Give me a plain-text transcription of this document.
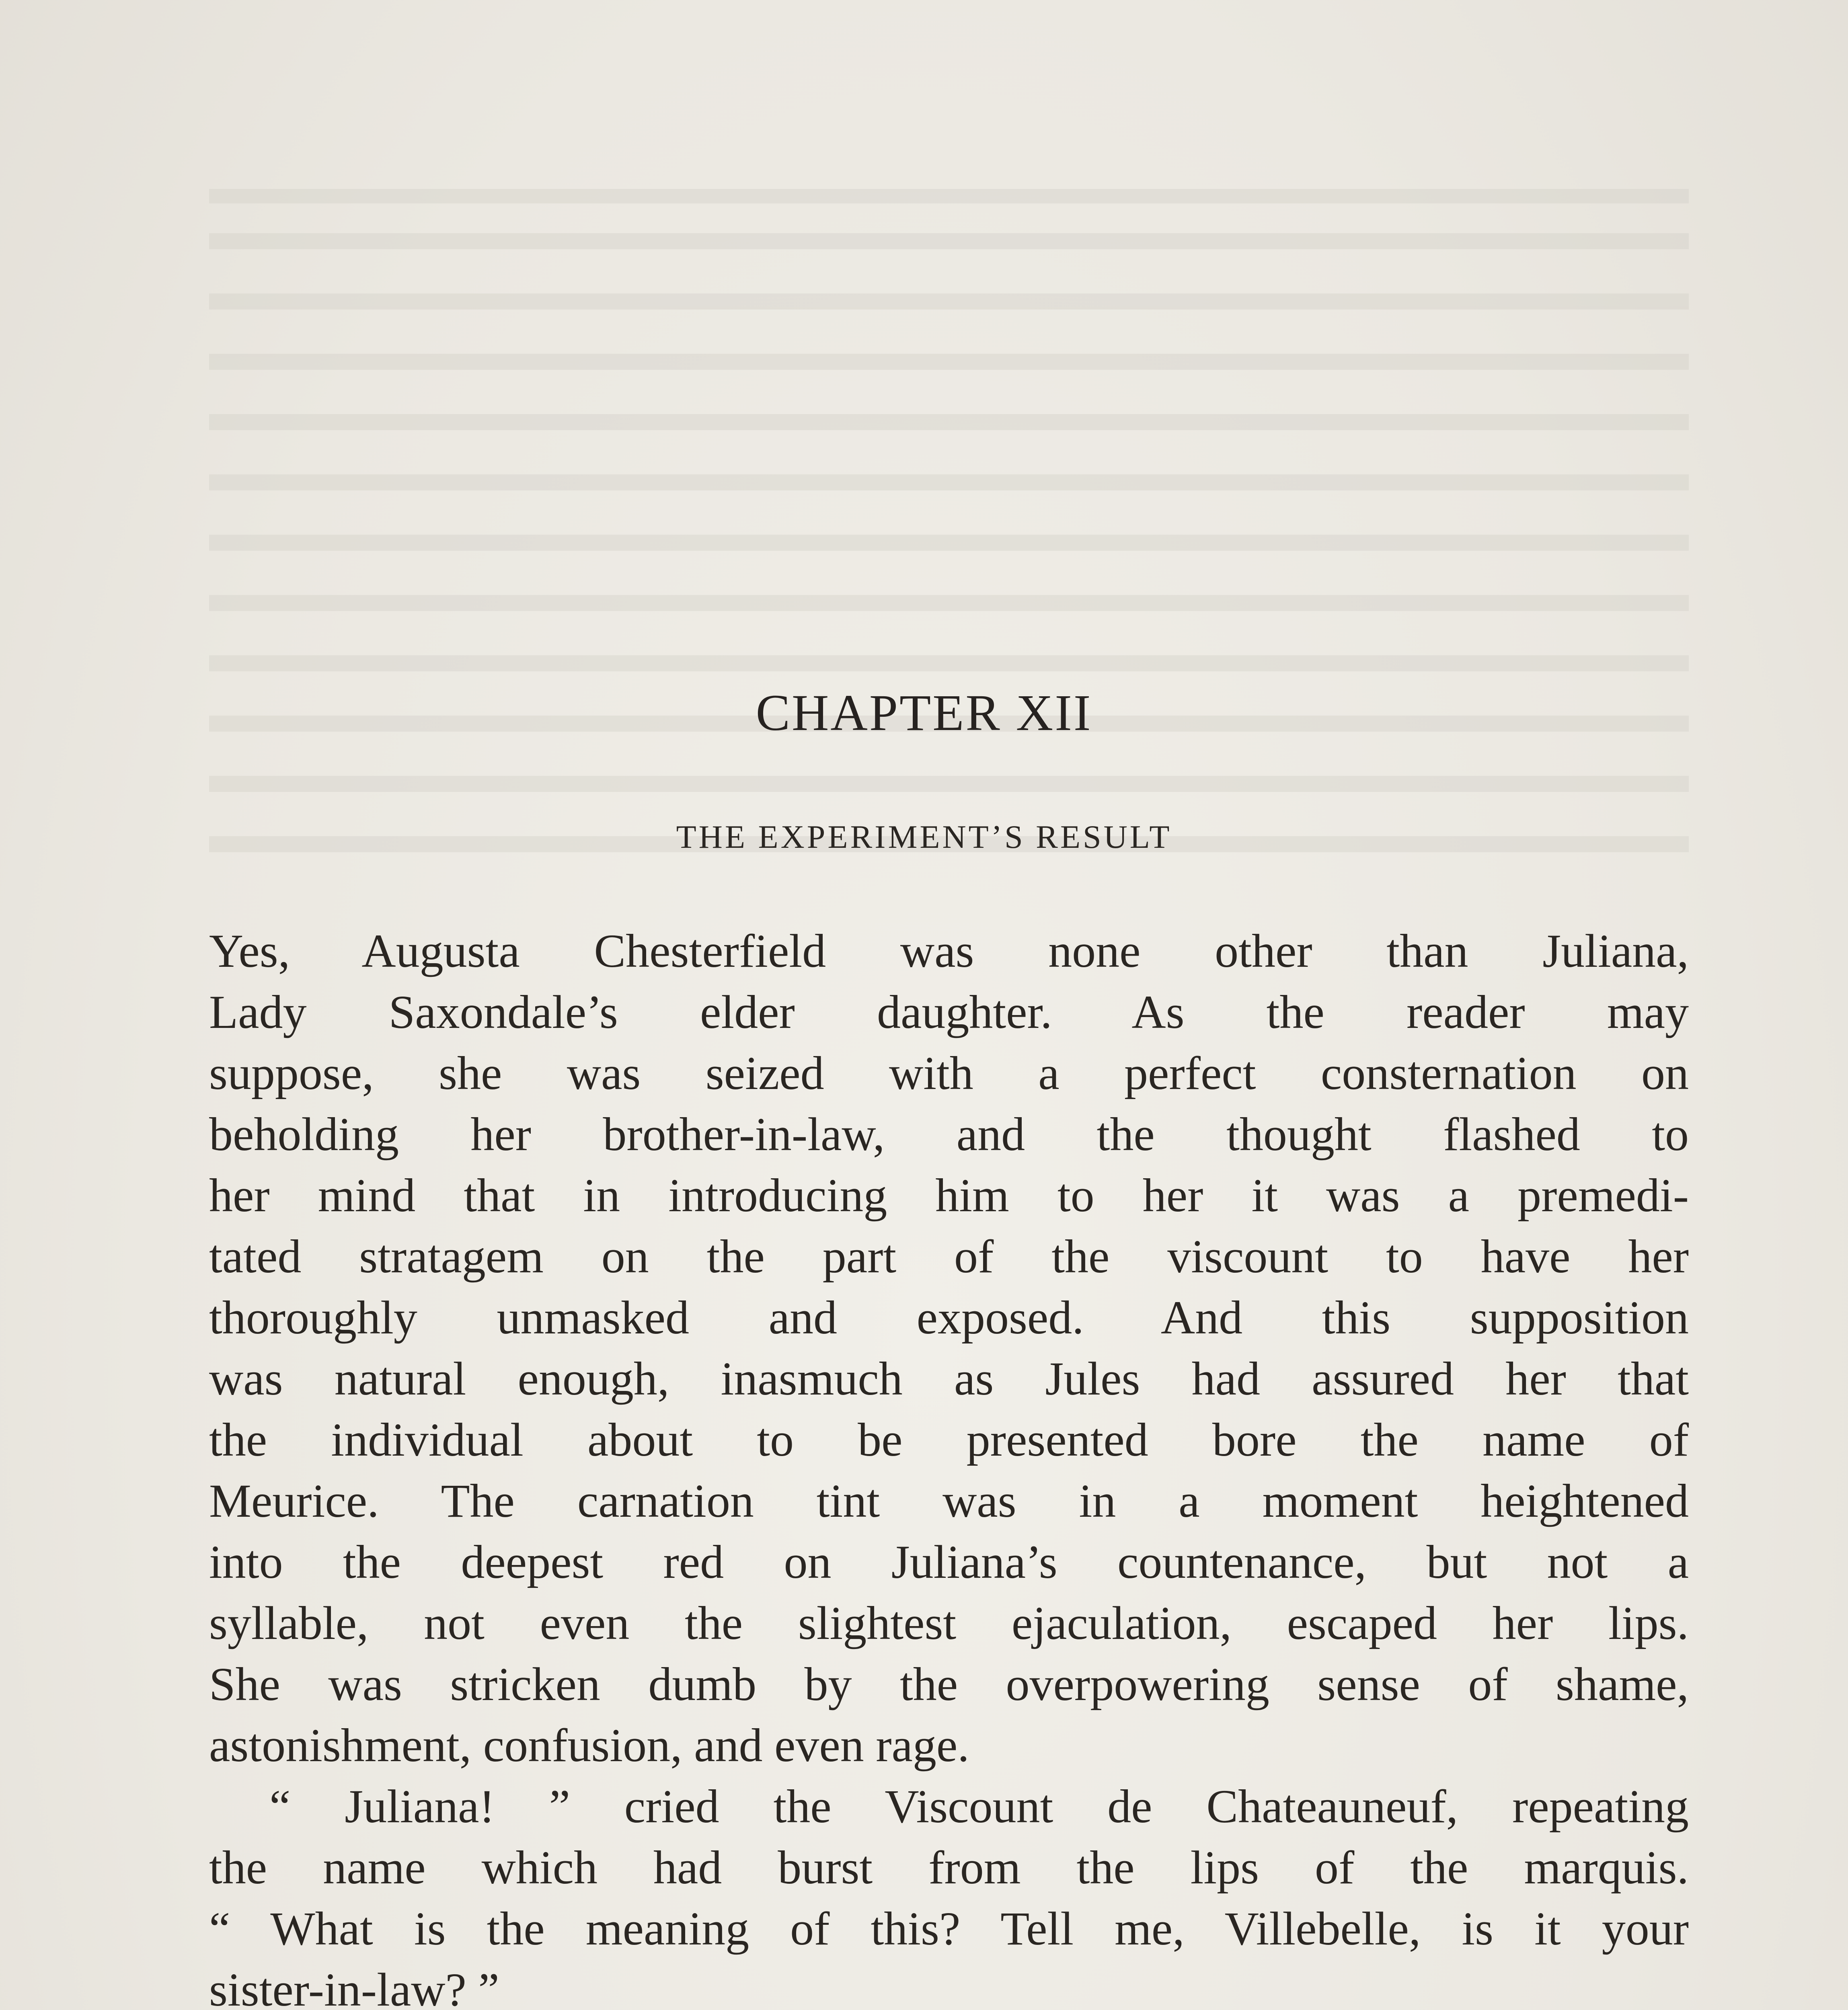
CHAPTER XII
THE EXPERIMENT’S RESULT
Yes, Augusta Chesterfield was none other than Juliana,
Lady Saxondale’s elder daughter. As the reader may
suppose, she was seized with a perfect consternation on
beholding her brother-in-law, and the thought flashed to
her mind that in introducing him to her it was a premedi-
tated stratagem on the part of the viscount to have her
thoroughly unmasked and exposed. And this supposition
was natural enough, inasmuch as Jules had assured her that
the individual about to be presented bore the name of
Meurice. The carnation tint was in a moment heightened
into the deepest red on Juliana’s countenance, but not a
syllable, not even the slightest ejaculation, escaped her lips.
She was stricken dumb by the overpowering sense of shame,
astonishment, confusion, and even rage.
“ Juliana! ” cried the Viscount de Chateauneuf, repeating
the name which had burst from the lips of the marquis.
“ What is the meaning of this? Tell me, Villebelle, is it your
sister-in-law? ”
